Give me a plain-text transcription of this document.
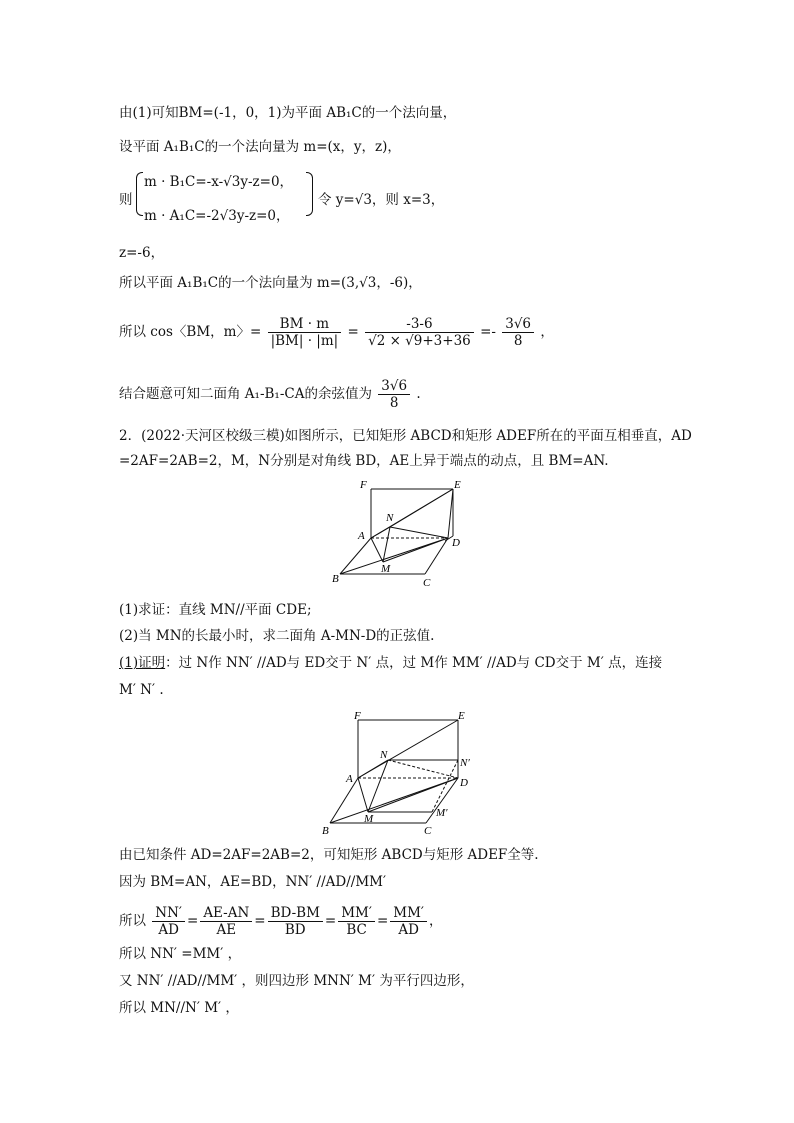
由(1)可知BM=(-1，0，1)为平面 AB₁C的一个法向量，
设平面 A₁B₁C的一个法向量为 m=(x，y，z)，
则
m · B₁C=-x-√3y-z=0，
m · A₁C=-2√3y-z=0，
令 y=√3，则 x=3，
z=-6，
所以平面 A₁B₁C的一个法向量为 m=(3,√3，-6)，
所以 cos〈BM，m〉= $\frac{BM \cdot m}{|BM| \cdot |m|} = \frac{-3-6}{√2 \times √9+3+36} =- \frac{3√6}{8}$ ，
结合题意可知二面角 A₁-B₁-CA的余弦值为 $\frac{3√6}{8}$ .
2．(2022·天河区校级三模)如图所示，已知矩形 ABCD和矩形 ADEF所在的平面互相垂直，AD
=2AF=2AB=2，M，N分别是对角线 BD，AE上异于端点的动点，且 BM=AN.
F	E
N
A
D
M
B	C
(1)求证：直线 MN//平面 CDE;
(2)当 MN的长最小时，求二面角 A-MN-D的正弦值.
(1)证明：过 N作 NN′ //AD与 ED交于 N′ 点，过 M作 MM′ //AD与 CD交于 M′ 点，连接
M′ N′ .
F	E
N
N′
A	D
M	M′
B	C
由已知条件 AD=2AF=2AB=2，可知矩形 ABCD与矩形 ADEF全等.
因为 BM=AN，AE=BD，NN′ //AD//MM′
所以 $\frac{NN'}{AD} = \frac{AE-AN}{AE} = \frac{BD-BM}{BD} = \frac{MM'}{BC} = \frac{MM'}{AD}$ ，
所以 NN′ =MM′ ，
又 NN′ //AD//MM′ ，则四边形 MNN′ M′ 为平行四边形，
所以 MN//N′ M′ ，
